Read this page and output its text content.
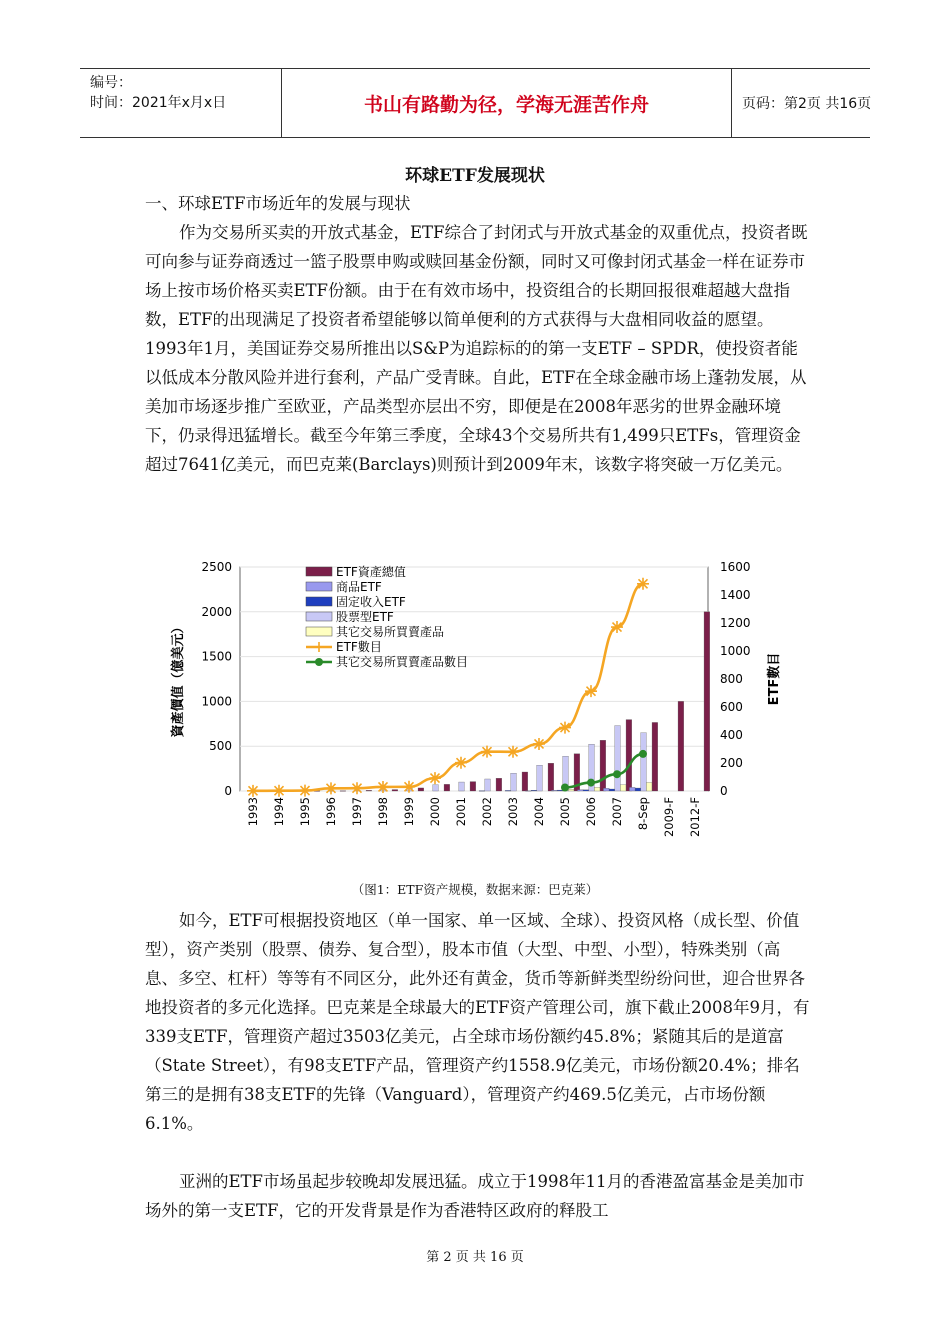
编号：
时间：2021年x月x日	书山有路勤为径，学海无涯苦作舟	页码：第2页 共16页
环球ETF发展现状
一、环球ETF市场近年的发展与现状
作为交易所买卖的开放式基金，ETF综合了封闭式与开放式基金的双重优点，投资者既可向参与证券商透过一篮子股票申购或赎回基金份额，同时又可像封闭式基金一样在证券市场上按市场价格买卖ETF份额。由于在有效市场中，投资组合的长期回报很难超越大盘指数，ETF的出现满足了投资者希望能够以简单便利的方式获得与大盘相同收益的愿望。1993年1月，美国证券交易所推出以S&P为追踪标的的第一支ETF – SPDR，使投资者能以低成本分散风险并进行套利，产品广受青睐。自此，ETF在全球金融市场上蓬勃发展，从美加市场逐步推广至欧亚，产品类型亦层出不穷，即便是在2008年恶劣的世界金融环境下，仍录得迅猛增长。截至今年第三季度，全球43个交易所共有1,499只ETFs，管理资金超过7641亿美元，而巴克莱(Barclays)则预计到2009年末，该数字将突破一万亿美元。
0
500
1000
1500
2000
2500
0
200
400
600
800
1000
1200
1400
1600
1993 1994 1995 1996 1997 1998 1999 2000 2001 2002 2003 2004 2005 2006 2007 8-Sep 2009-F 2012-F
資產價值（億美元）	ETF數目
ETF資產總值
商品ETF
固定收入ETF
股票型ETF
其它交易所買賣產品
ETF數目
其它交易所買賣產品數目
（图1：ETF资产规模，数据来源：巴克莱）
如今，ETF可根据投资地区（单一国家、单一区域、全球）、投资风格（成长型、价值型），资产类别（股票、债券、复合型），股本市值（大型、中型、小型），特殊类别（高息、多空、杠杆）等等有不同区分，此外还有黄金，货币等新鲜类型纷纷问世，迎合世界各地投资者的多元化选择。巴克莱是全球最大的ETF资产管理公司，旗下截止2008年9月，有339支ETF，管理资产超过3503亿美元，占全球市场份额约45.8%；紧随其后的是道富（State Street），有98支ETF产品，管理资产约1558.9亿美元，市场份额20.4%；排名第三的是拥有38支ETF的先锋（Vanguard），管理资产约469.5亿美元，占市场份额6.1%。
亚洲的ETF市场虽起步较晚却发展迅猛。成立于1998年11月的香港盈富基金是美加市场外的第一支ETF，它的开发背景是作为香港特区政府的释股工
第 2 页 共 16 页
